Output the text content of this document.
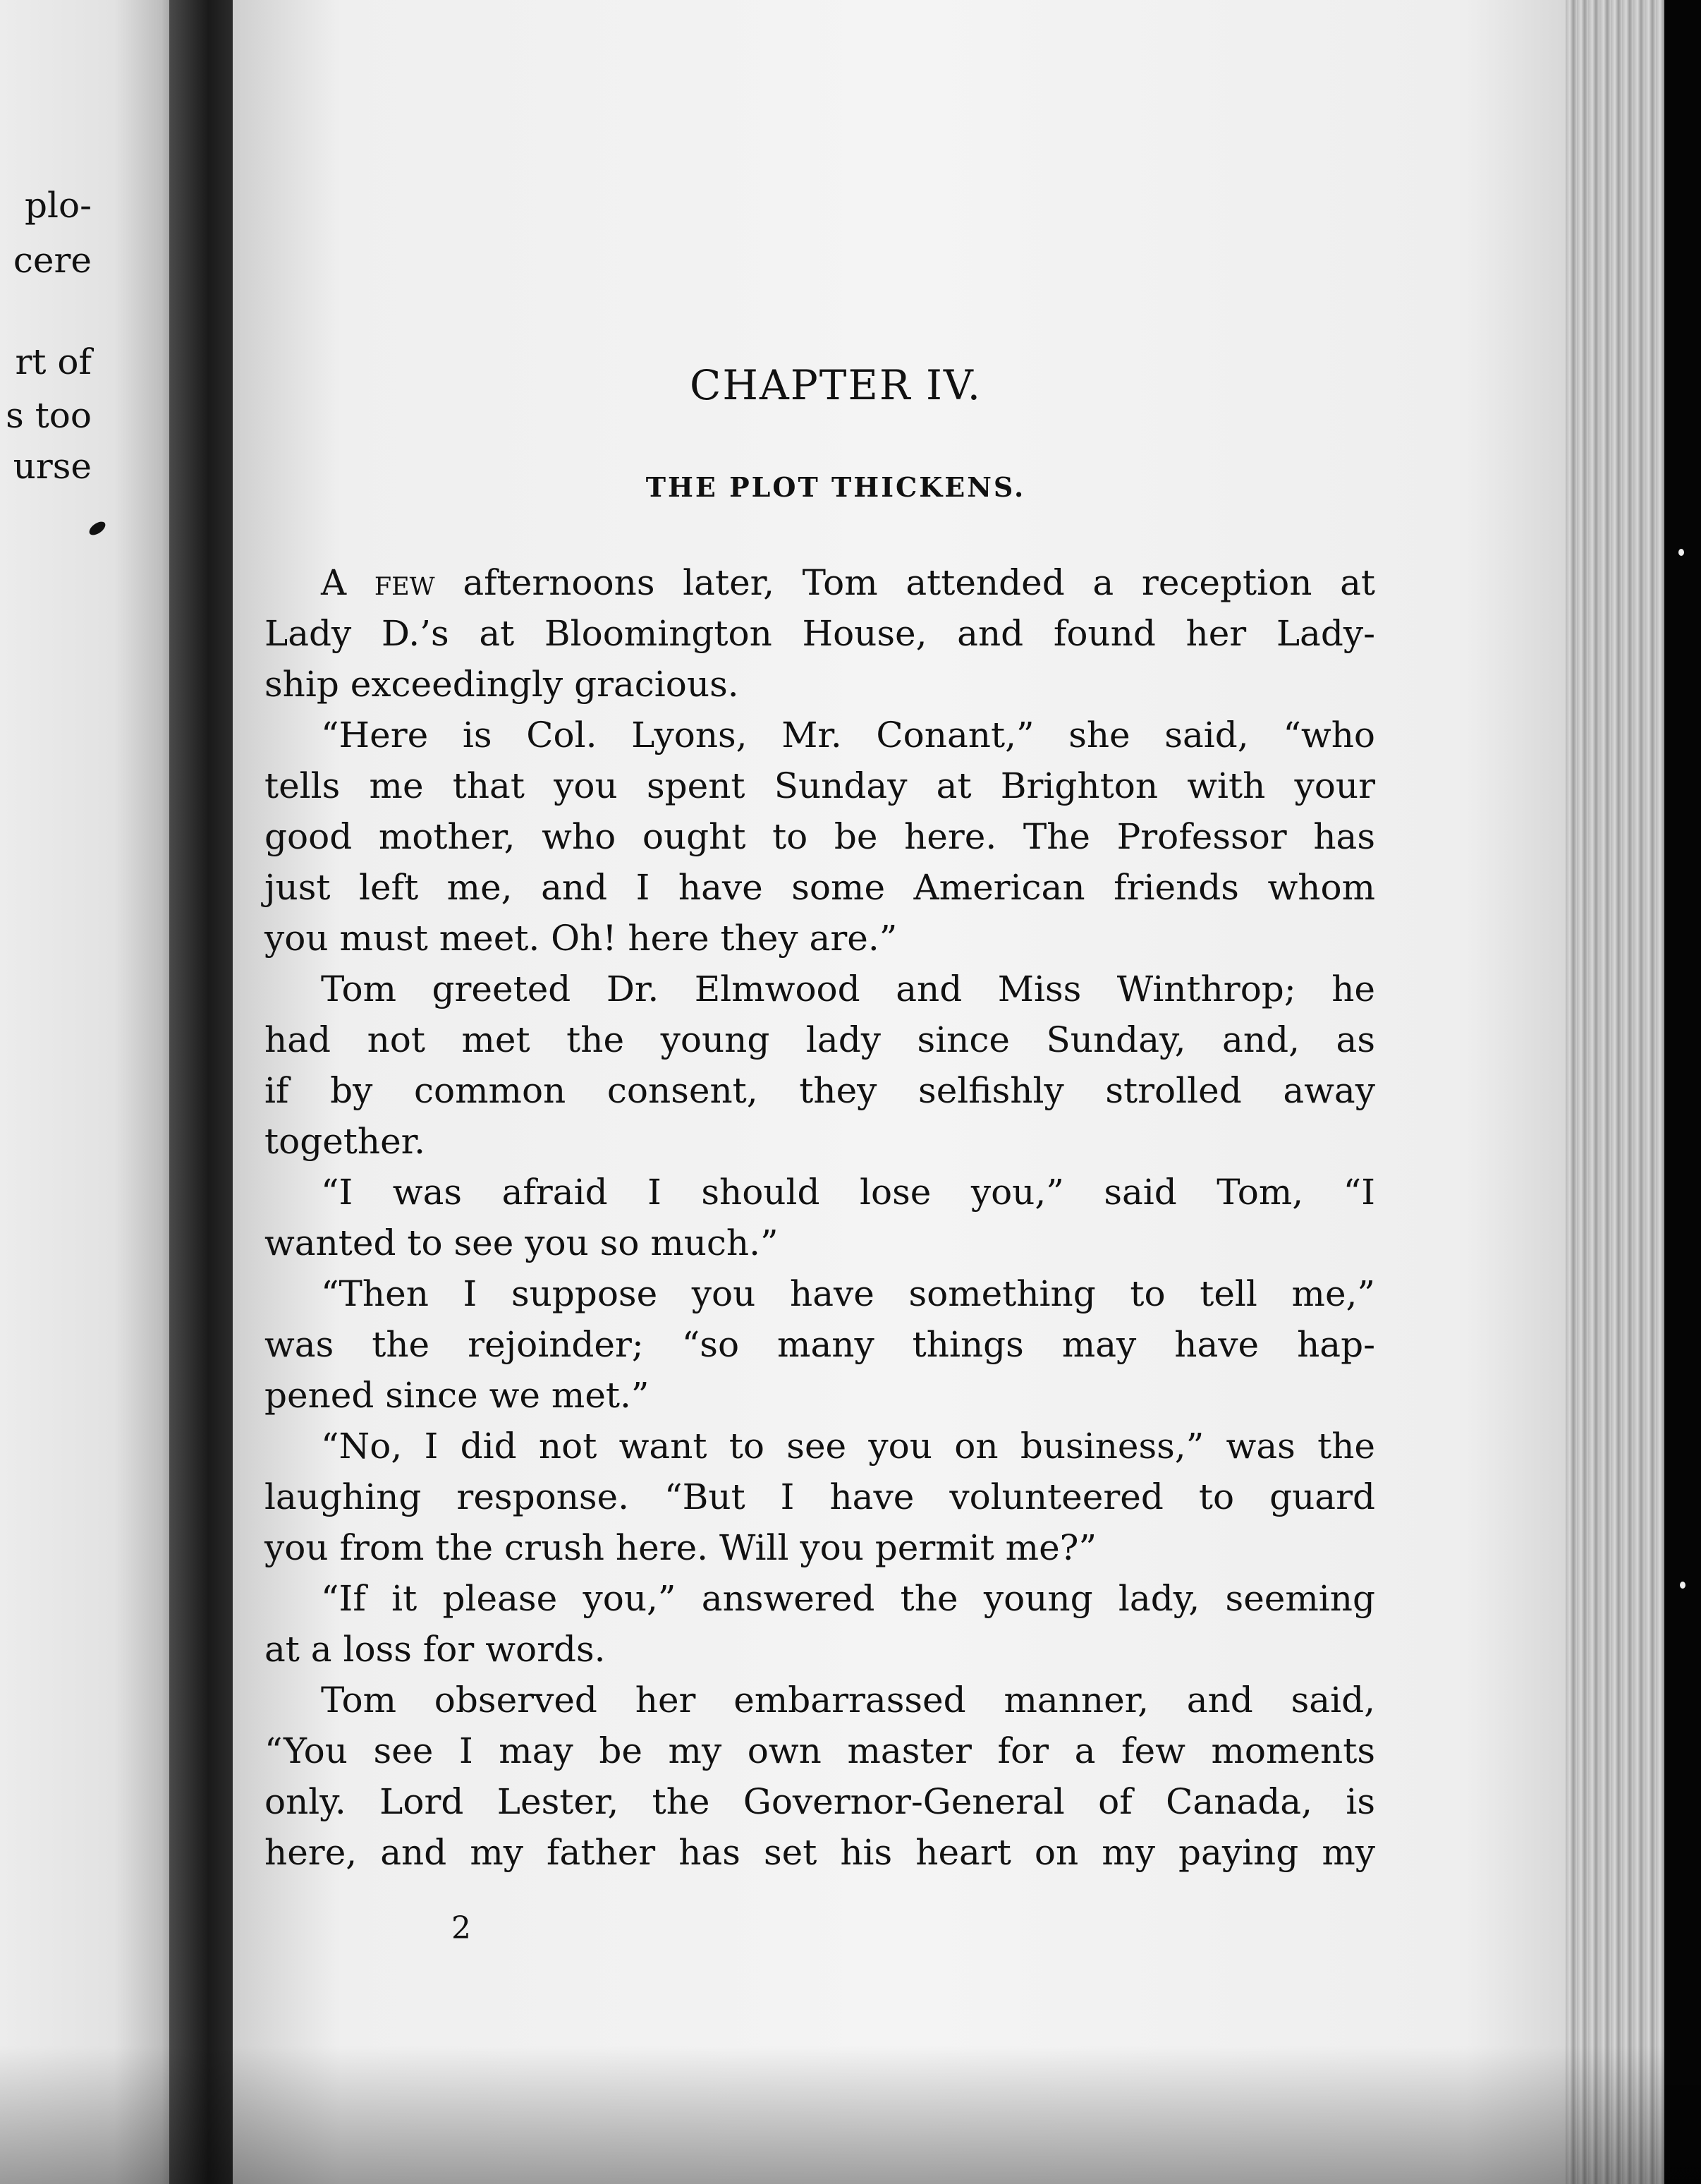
plo-
cere
rt of
s too
urse
CHAPTER IV.
THE PLOT THICKENS.
A few afternoons later, Tom attended a reception at
Lady D.’s at Bloomington House, and found her Lady-
ship exceedingly gracious.
“Here is Col. Lyons, Mr. Conant,” she said, “who
tells me that you spent Sunday at Brighton with your
good mother, who ought to be here. The Professor has
just left me, and I have some American friends whom
you must meet. Oh! here they are.”
Tom greeted Dr. Elmwood and Miss Winthrop; he
had not met the young lady since Sunday, and, as
if by common consent, they selfishly strolled away
together.
“I was afraid I should lose you,” said Tom, “I
wanted to see you so much.”
“Then I suppose you have something to tell me,”
was the rejoinder; “so many things may have hap-
pened since we met.”
“No, I did not want to see you on business,” was the
laughing response. “But I have volunteered to guard
you from the crush here. Will you permit me?”
“If it please you,” answered the young lady, seeming
at a loss for words.
Tom observed her embarrassed manner, and said,
“You see I may be my own master for a few moments
only. Lord Lester, the Governor-General of Canada, is
here, and my father has set his heart on my paying my
2
